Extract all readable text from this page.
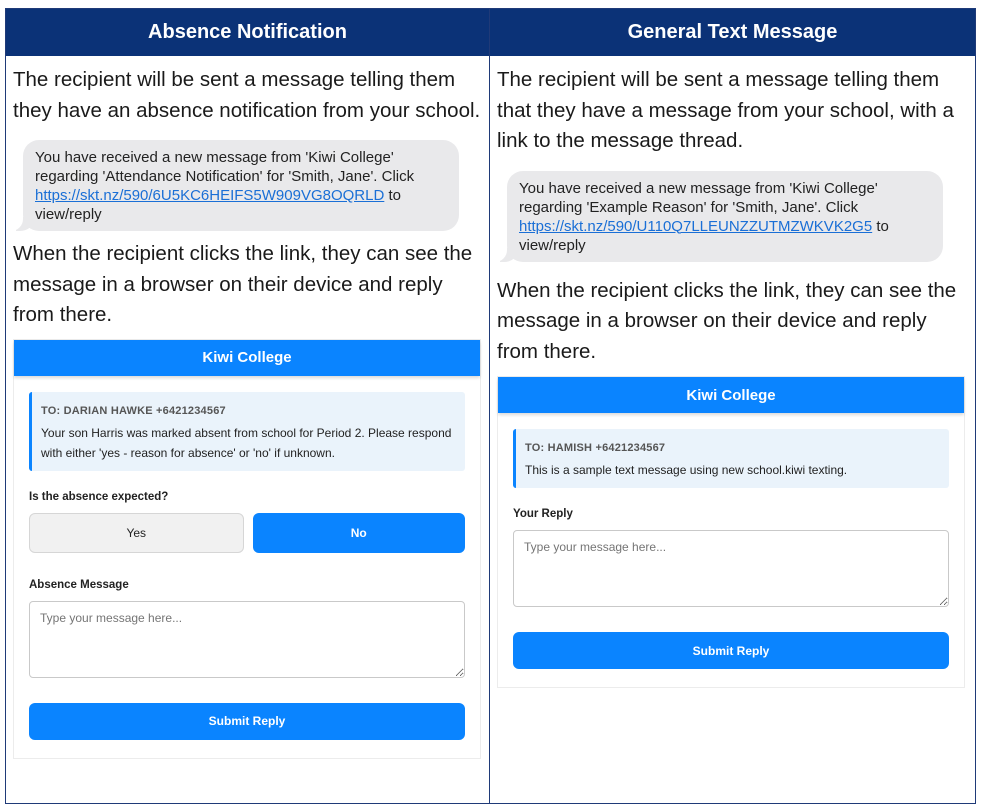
Absence Notification

The recipient will be sent a message telling them they have an absence notification from your school.

You have received a new message from 'Kiwi College' regarding 'Attendance Notification' for 'Smith, Jane'. Click https://skt.nz/590/6U5KC6HEIFS5W909VG8OQRLD to view/reply

When the recipient clicks the link, they can see the message in a browser on their device and reply from there.

Kiwi College
TO: DARIAN HAWKE +6421234567
Your son Harris was marked absent from school for Period 2. Please respond with either 'yes - reason for absence' or 'no' if unknown.
Is the absence expected?
Yes	No
Absence Message
Type your message here...
Submit Reply
General Text Message

The recipient will be sent a message telling them that they have a message from your school, with a link to the message thread.

You have received a new message from 'Kiwi College' regarding 'Example Reason' for 'Smith, Jane'. Click https://skt.nz/590/U110Q7LLEUNZZUTMZWKVK2G5 to view/reply

When the recipient clicks the link, they can see the message in a browser on their device and reply from there.

Kiwi College
TO: HAMISH +6421234567
This is a sample text message using new school.kiwi texting.
Your Reply
Type your message here...
Submit Reply
